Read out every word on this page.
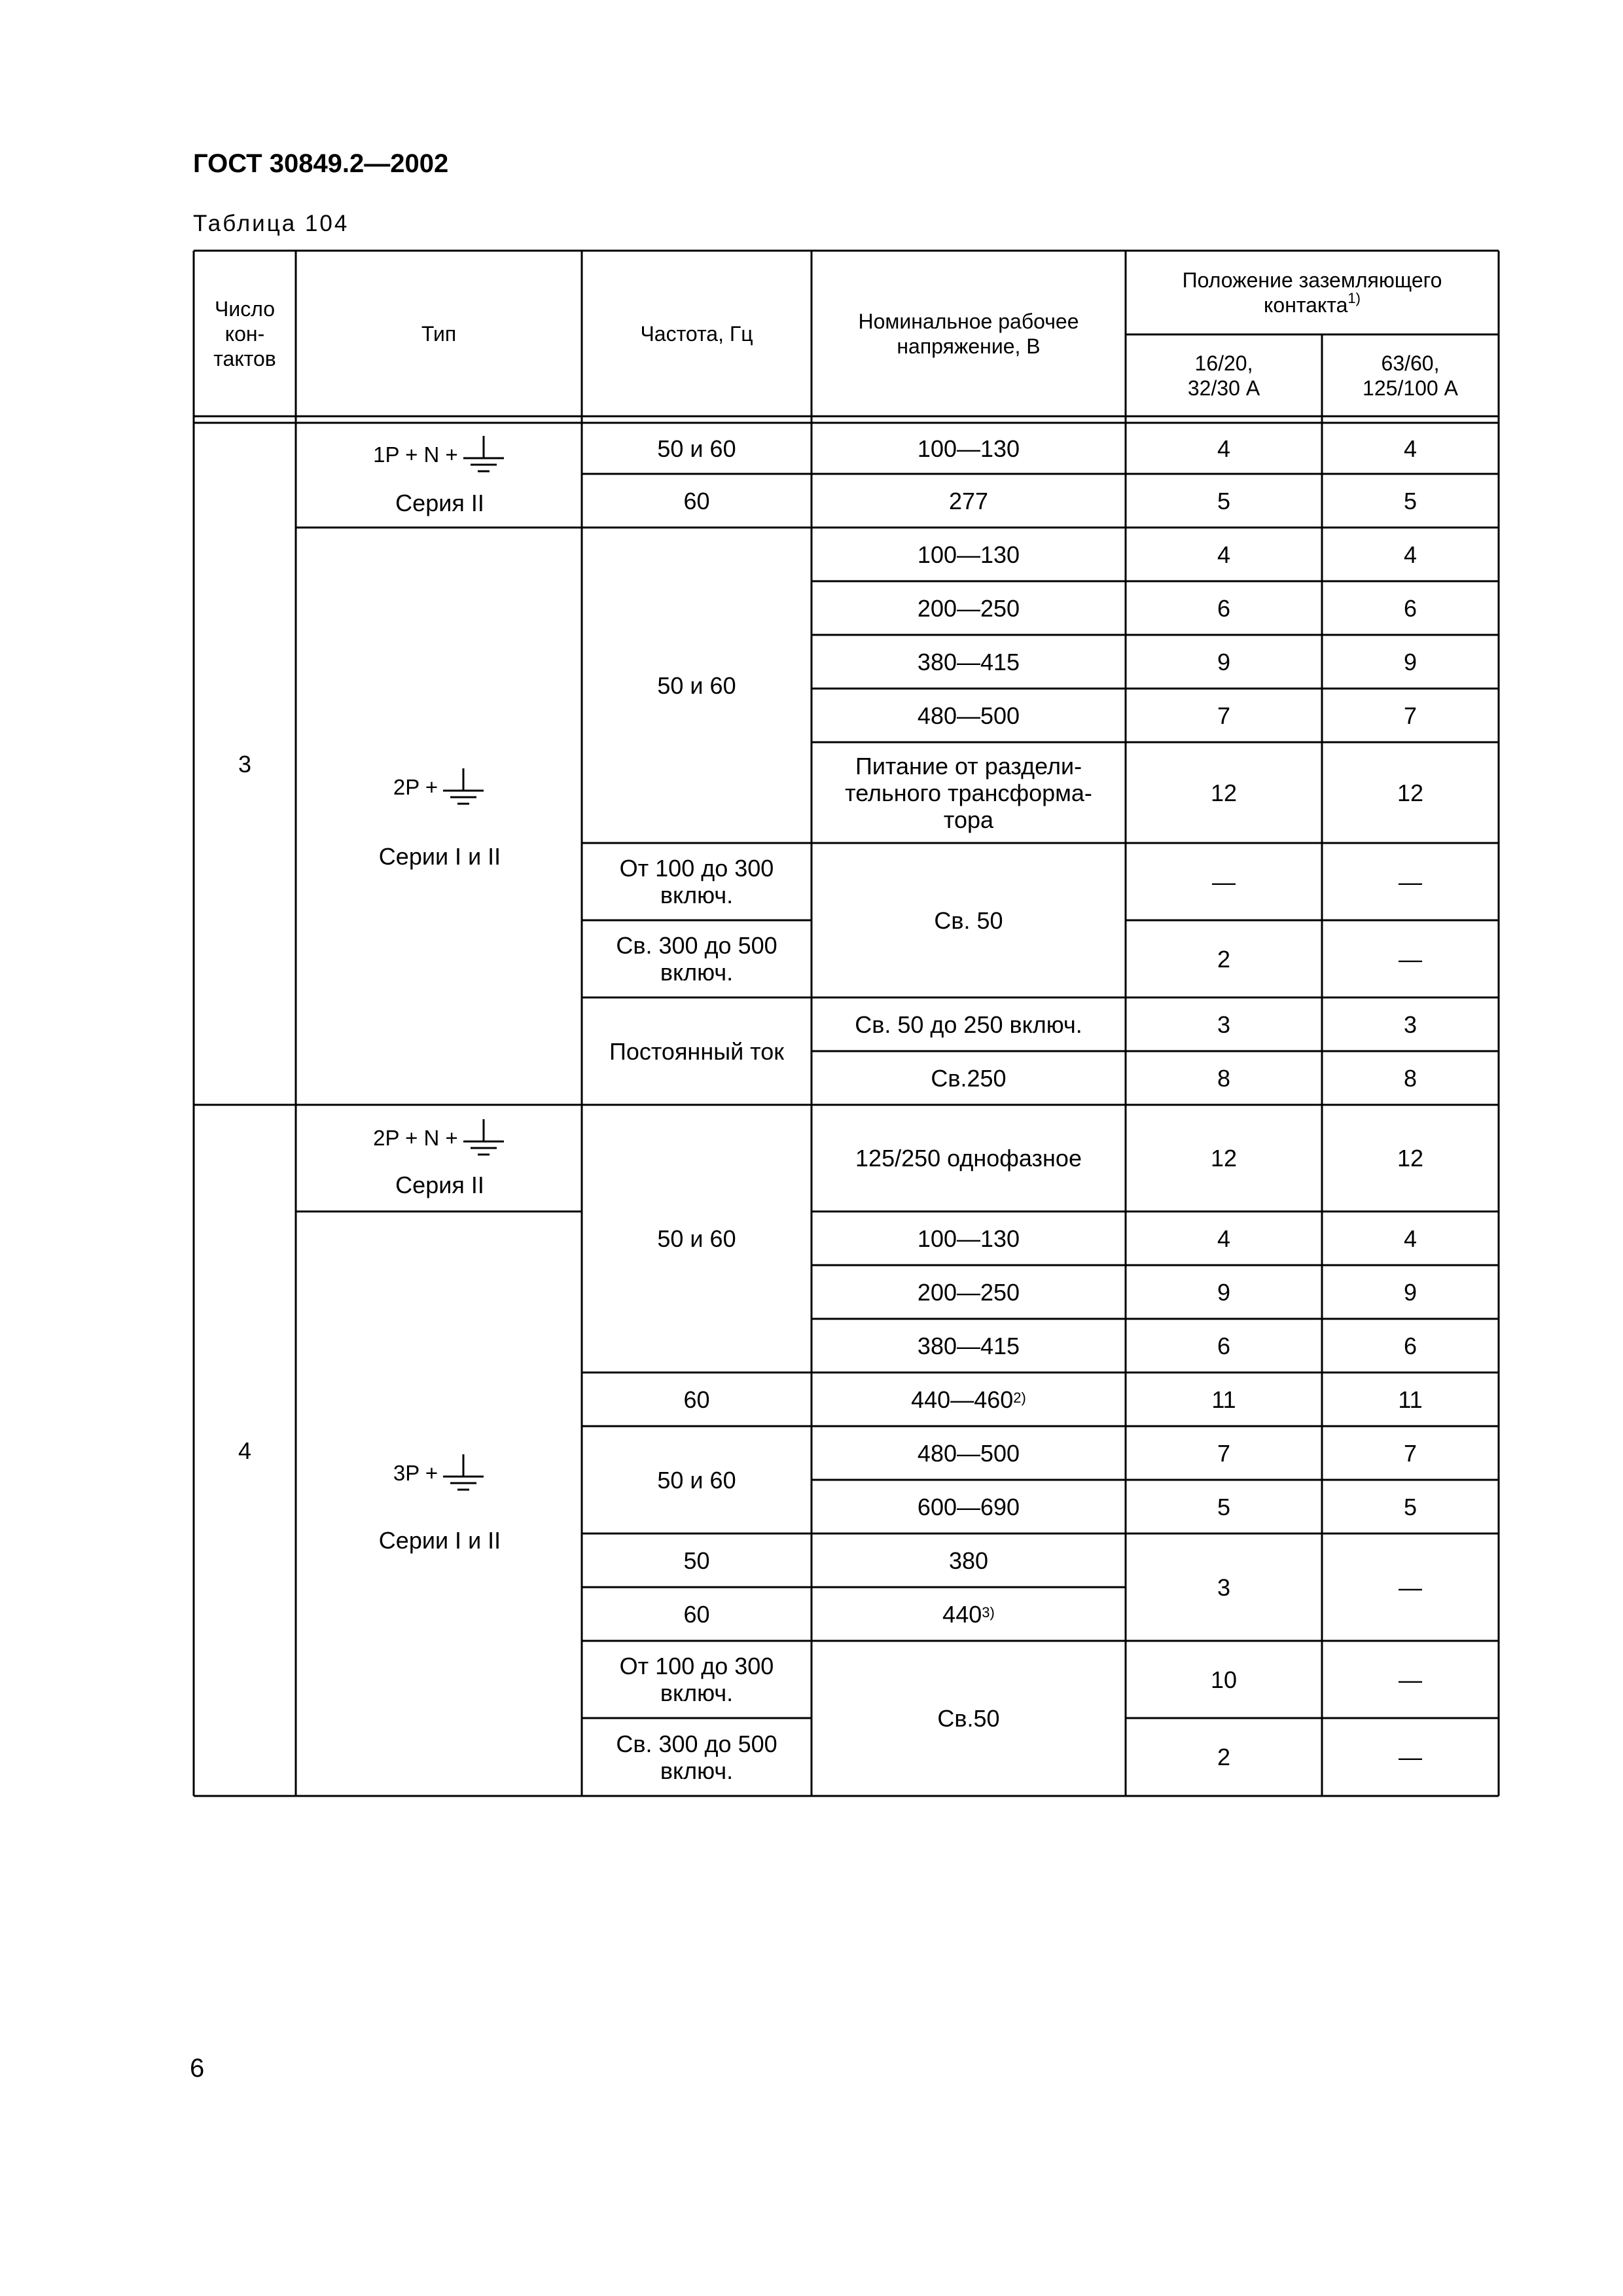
ГОСТ 30849.2—2002
Таблица 104
Число
кон-
тактов
Тип	Частота, Гц
Номинальное рабочее
напряжение, В
Положение заземляющего
контакта$^{1)}$
16/20,
32/30 А
63/60,
125/100 А
3
4
1P + N +
Серия II
2P +
Серии I и II
2P + N +
Серия II
3P +
Серии I и II
50 и 60
60
50 и 60
От 100 до 300
включ.
Св. 300 до 500
включ.
Постоянный ток
50 и 60
60
50 и 60
50
60
От 100 до 300
включ.
Св. 300 до 500
включ.
100—130
277
100—130
200—250
380—415
480—500
Питание от раздели-
тельного трансформа-
тора
Св. 50
Св. 50 до 250 включ.
Св.250
125/250 однофазное
100—130
200—250
380—415
440—460$^{2)}$
480—500
600—690
380
440$^{3)}$
Св.50
4
5
4
6
9
7
12
—
2
3
8
12
4
9
6
11
7
5
3
10
2
4
5
4
6
9
7
12
—
—
3
8
12
4
9
6
11
7
5
—
—
—
6
